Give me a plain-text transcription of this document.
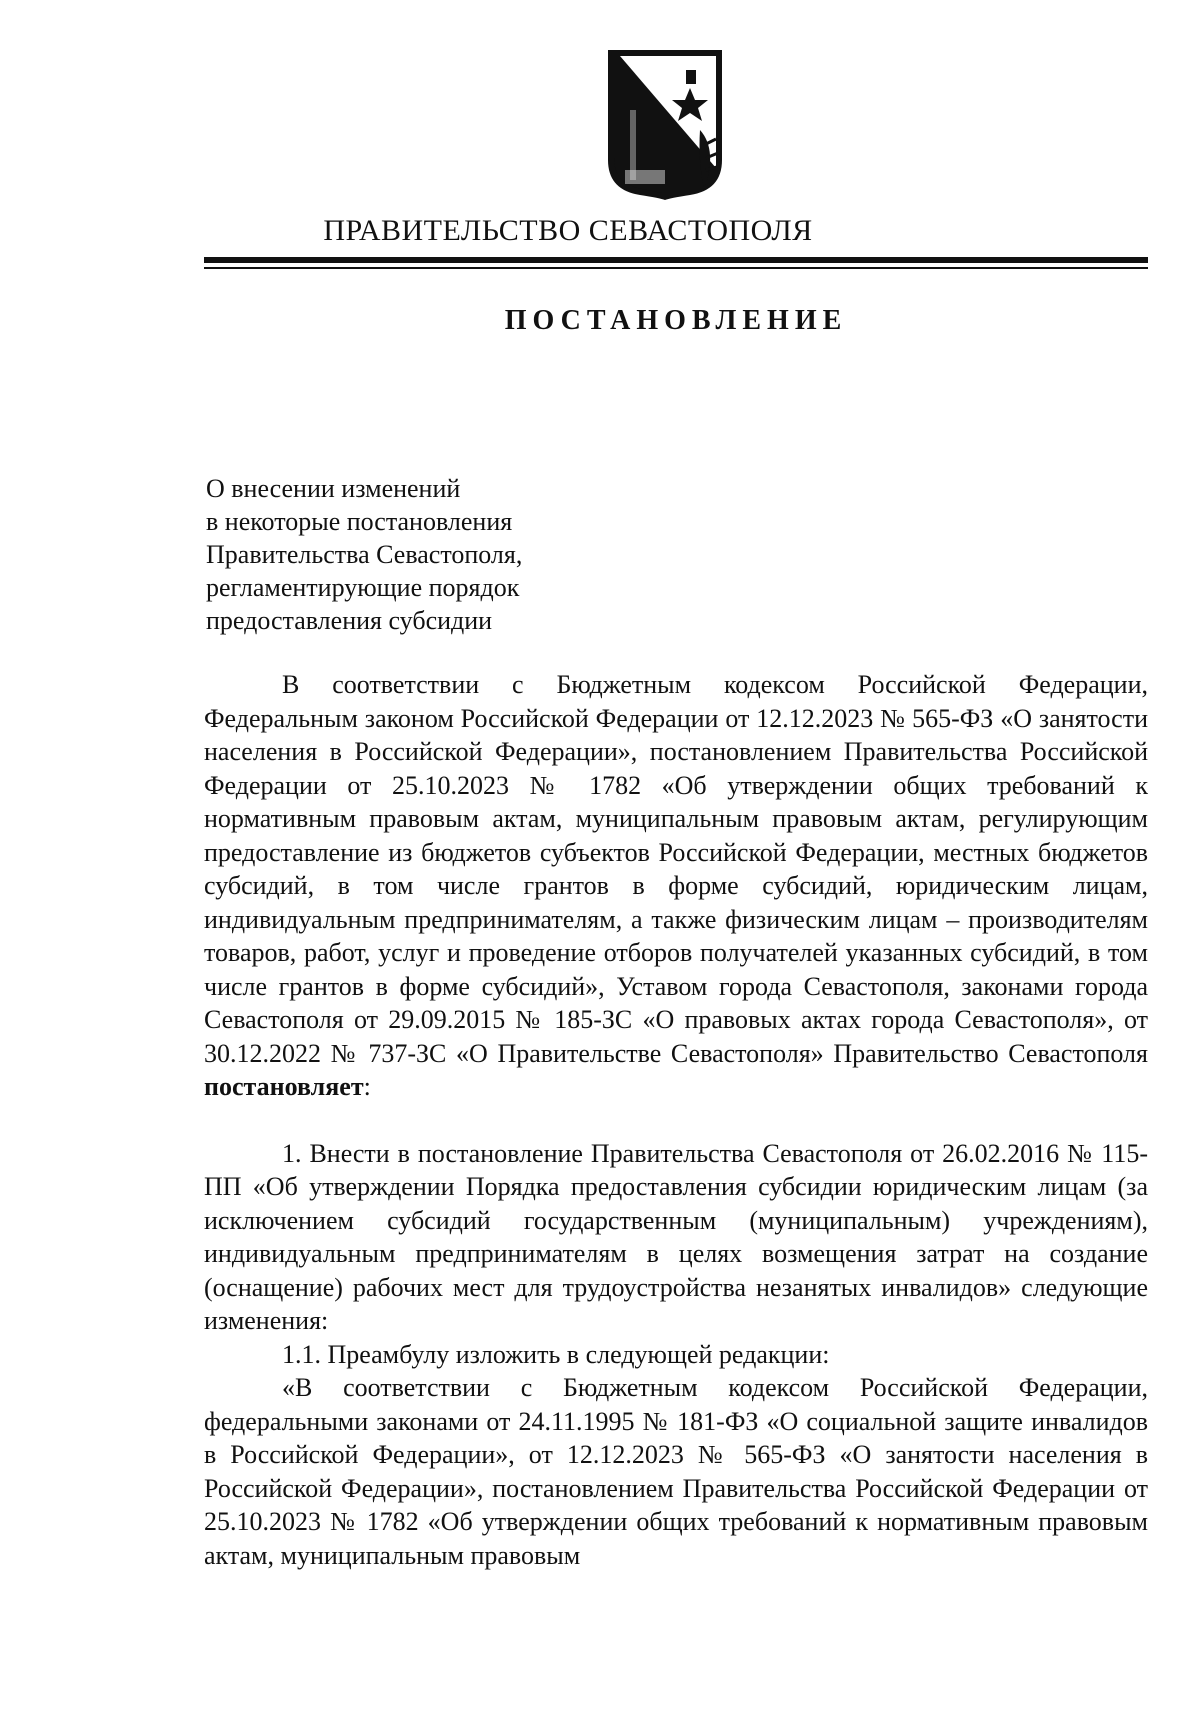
ПРАВИТЕЛЬСТВО СЕВАСТОПОЛЯ
ПОСТАНОВЛЕНИЕ
О внесении изменений
в некоторые постановления
Правительства Севастополя,
регламентирующие порядок
предоставления субсидии

В соответствии с Бюджетным кодексом Российской Федерации, Федеральным законом Российской Федерации от 12.12.2023 № 565-ФЗ «О занятости населения в Российской Федерации», постановлением Правительства Российской Федерации от 25.10.2023 № 1782 «Об утверждении общих требований к нормативным правовым актам, муниципальным правовым актам, регулирующим предоставление из бюджетов субъектов Российской Федерации, местных бюджетов субсидий, в том числе грантов в форме субсидий, юридическим лицам, индивидуальным предпринимателям, а также физическим лицам – производителям товаров, работ, услуг и проведение отборов получателей указанных субсидий, в том числе грантов в форме субсидий», Уставом города Севастополя, законами города Севастополя от 29.09.2015 № 185-ЗС «О правовых актах города Севастополя», от 30.12.2022 № 737-ЗС «О Правительстве Севастополя» Правительство Севастополя постановляет:

1. Внести в постановление Правительства Севастополя от 26.02.2016 № 115-ПП «Об утверждении Порядка предоставления субсидии юридическим лицам (за исключением субсидий государственным (муниципальным) учреждениям), индивидуальным предпринимателям в целях возмещения затрат на создание (оснащение) рабочих мест для трудоустройства незанятых инвалидов» следующие изменения:

1.1. Преамбулу изложить в следующей редакции:

«В соответствии с Бюджетным кодексом Российской Федерации, федеральными законами от 24.11.1995 № 181-ФЗ «О социальной защите инвалидов в Российской Федерации», от 12.12.2023 № 565-ФЗ «О занятости населения в Российской Федерации», постановлением Правительства Российской Федерации от 25.10.2023 № 1782 «Об утверждении общих требований к нормативным правовым актам, муниципальным правовым
